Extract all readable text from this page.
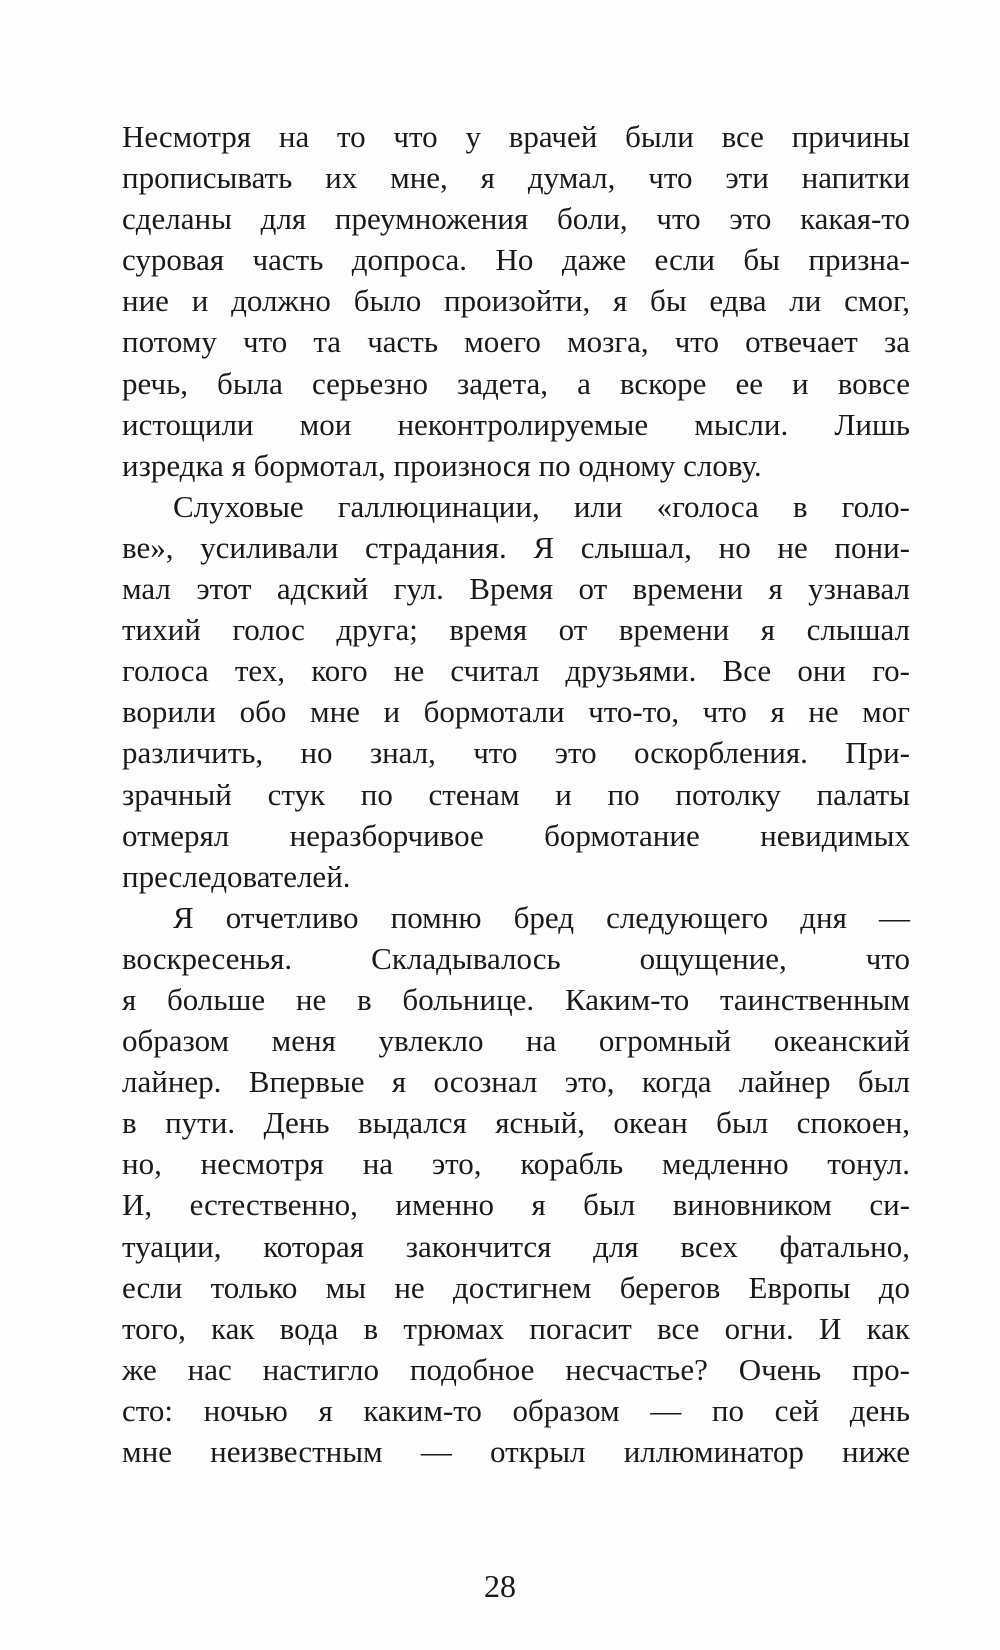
Несмотря на то что у врачей были все причины
прописывать их мне, я думал, что эти напитки
сделаны для преумножения боли, что это какая-то
суровая часть допроса. Но даже если бы призна-
ние и должно было произойти, я бы едва ли смог,
потому что та часть моего мозга, что отвечает за
речь, была серьезно задета, а вскоре ее и вовсе
истощили мои неконтролируемые мысли. Лишь
изредка я бормотал, произнося по одному слову.
Слуховые галлюцинации, или «голоса в голо-
ве», усиливали страдания. Я слышал, но не пони-
мал этот адский гул. Время от времени я узнавал
тихий голос друга; время от времени я слышал
голоса тех, кого не считал друзьями. Все они го-
ворили обо мне и бормотали что-то, что я не мог
различить, но знал, что это оскорбления. При-
зрачный стук по стенам и по потолку палаты
отмерял неразборчивое бормотание невидимых
преследователей.
Я отчетливо помню бред следующего дня —
воскресенья. Складывалось ощущение, что
я больше не в больнице. Каким-то таинственным
образом меня увлекло на огромный океанский
лайнер. Впервые я осознал это, когда лайнер был
в пути. День выдался ясный, океан был спокоен,
но, несмотря на это, корабль медленно тонул.
И, естественно, именно я был виновником си-
туации, которая закончится для всех фатально,
если только мы не достигнем берегов Европы до
того, как вода в трюмах погасит все огни. И как
же нас настигло подобное несчастье? Очень про-
сто: ночью я каким-то образом — по сей день
мне неизвестным — открыл иллюминатор ниже
28
